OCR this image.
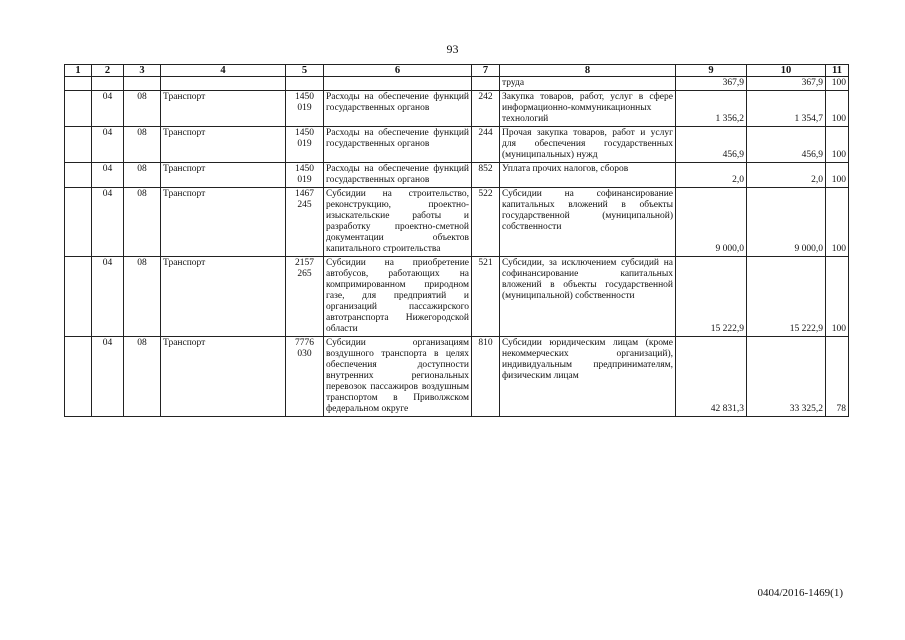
93
1	2	3	4	5	6	7	8	9	10	11
							труда	367,9	367,9	100
	04	08	Транспорт	1450 019	Расходы на обеспечение функций государственных органов	242	Закупка товаров, работ, услуг в сфере информационно-коммуникационных технологий	1 356,2	1 354,7	100
	04	08	Транспорт	1450 019	Расходы на обеспечение функций государственных органов	244	Прочая закупка товаров, работ и услуг для обеспечения государственных (муниципальных) нужд	456,9	456,9	100
	04	08	Транспорт	1450 019	Расходы на обеспечение функций государственных органов	852	Уплата прочих налогов, сборов	2,0	2,0	100
	04	08	Транспорт	1467 245	Субсидии на строительство, реконструкцию, проектно-изыскательские работы и разработку проектно-сметной документации объектов капитального строительства	522	Субсидии на софинансирование капитальных вложений в объекты государственной (муниципальной) собственности	9 000,0	9 000,0	100
	04	08	Транспорт	2157 265	Субсидии на приобретение автобусов, работающих на компримированном природном газе, для предприятий и организаций пассажирского автотранспорта Нижегородской области	521	Субсидии, за исключением субсидий на софинансирование капитальных вложений в объекты государственной (муниципальной) собственности	15 222,9	15 222,9	100
	04	08	Транспорт	7776 030	Субсидии организациям воздушного транспорта в целях обеспечения доступности внутренних региональных перевозок пассажиров воздушным транспортом в Приволжском федеральном округе	810	Субсидии юридическим лицам (кроме некоммерческих организаций), индивидуальным предпринимателям, физическим лицам	42 831,3	33 325,2	78
0404/2016-1469(1)
